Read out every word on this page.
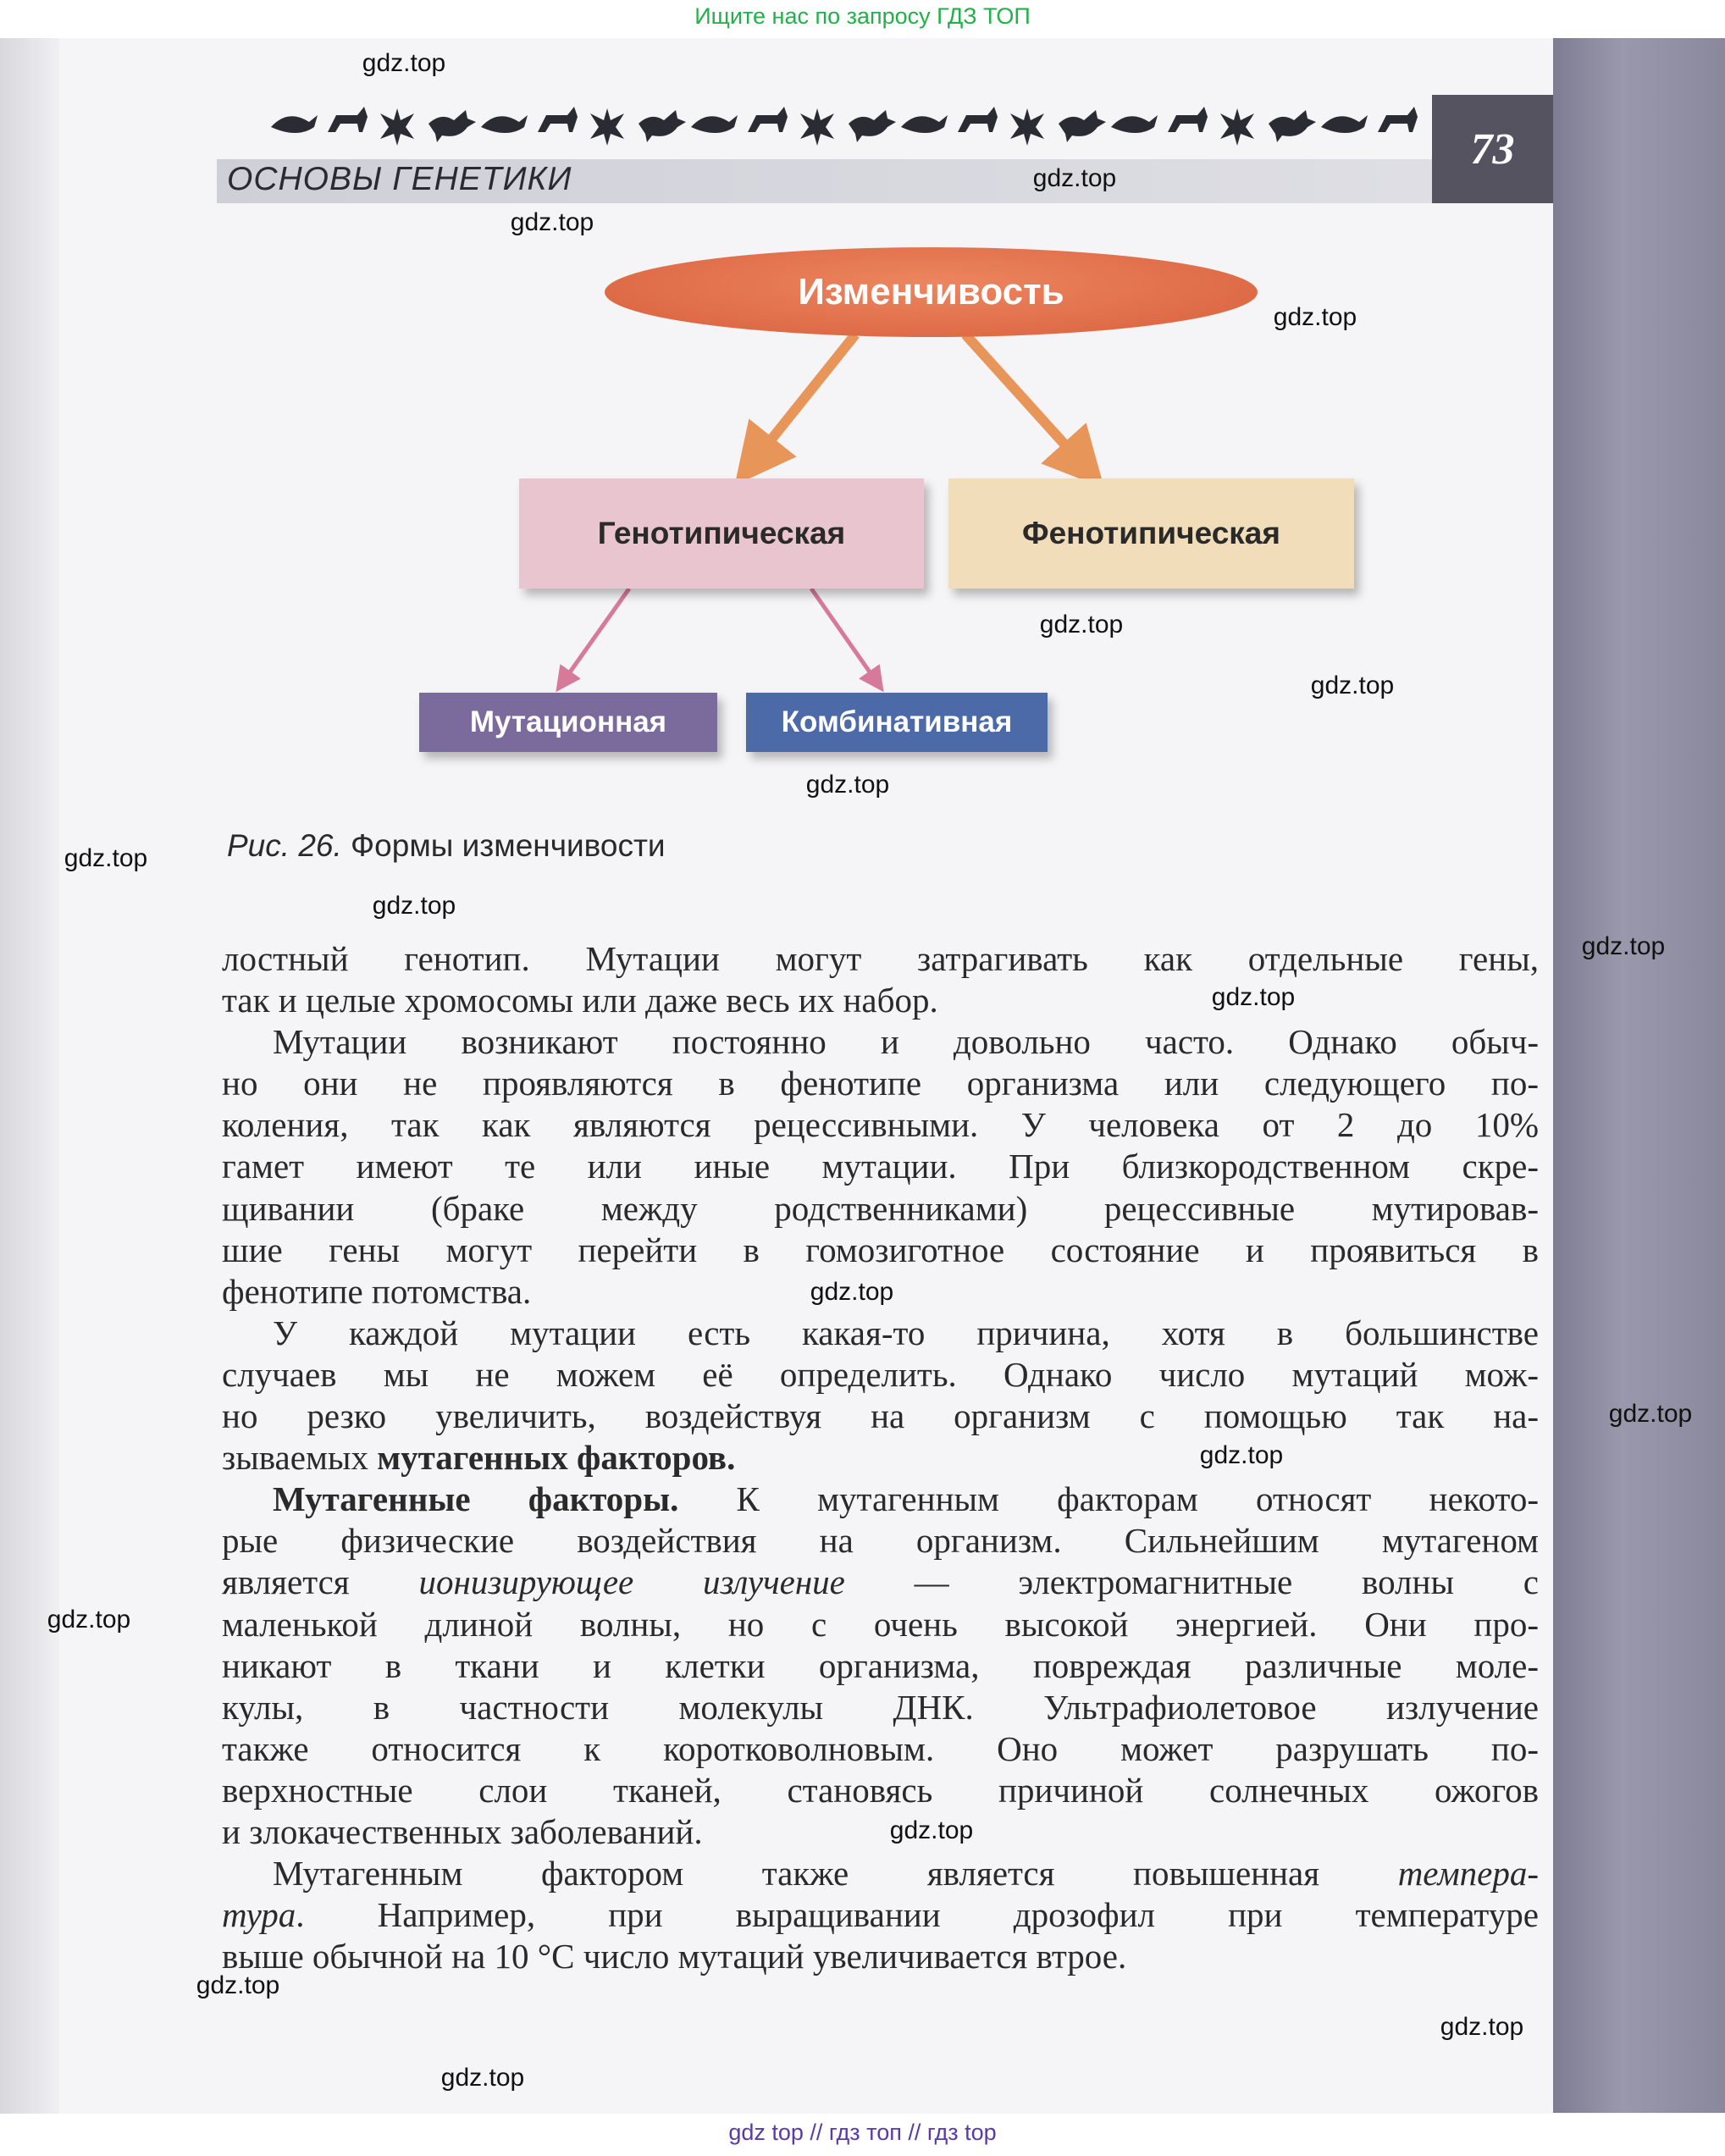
Ищите нас по запросу ГДЗ ТОП
ОСНОВЫ ГЕНЕТИКИ
73
Изменчивость
Генотипическая	Фенотипическая
Мутационная	Комбинативная
Рис. 26. Формы изменчивости
лостный генотип. Мутации могут затрагивать как отдельные гены,
так и целые хромосомы или даже весь их набор.
Мутации возникают постоянно и довольно часто. Однако обыч-
но они не проявляются в фенотипе организма или следующего по-
коления, так как являются рецессивными. У человека от 2 до 10%
гамет имеют те или иные мутации. При близкородственном скре-
щивании (браке между родственниками) рецессивные мутировав-
шие гены могут перейти в гомозиготное состояние и проявиться в
фенотипе потомства.
У каждой мутации есть какая-то причина, хотя в большинстве
случаев мы не можем её определить. Однако число мутаций мож-
но резко увеличить, воздействуя на организм с помощью так на-
зываемых мутагенных факторов.
Мутагенные факторы. К мутагенным факторам относят некото-
рые физические воздействия на организм. Сильнейшим мутагеном
является ионизирующее излучение — электромагнитные волны с
маленькой длиной волны, но с очень высокой энергией. Они про-
никают в ткани и клетки организма, повреждая различные моле-
кулы, в частности молекулы ДНК. Ультрафиолетовое излучение
также относится к коротковолновым. Оно может разрушать по-
верхностные слои тканей, становясь причиной солнечных ожогов
и злокачественных заболеваний.
Мутагенным фактором также является повышенная темпера-
тура . Например, при выращивании дрозофил при температуре
выше обычной на 10 °С число мутаций увеличивается втрое.
gdz.top
gdz.top
gdz.top
gdz.top
gdz.top
gdz.top
gdz.top
gdz.top
gdz.top
gdz.top
gdz.top
gdz.top
gdz.top
gdz.top
gdz.top
gdz.top
gdz.top
gdz.top
gdz.top
gdz top // гдз топ // гдз top
